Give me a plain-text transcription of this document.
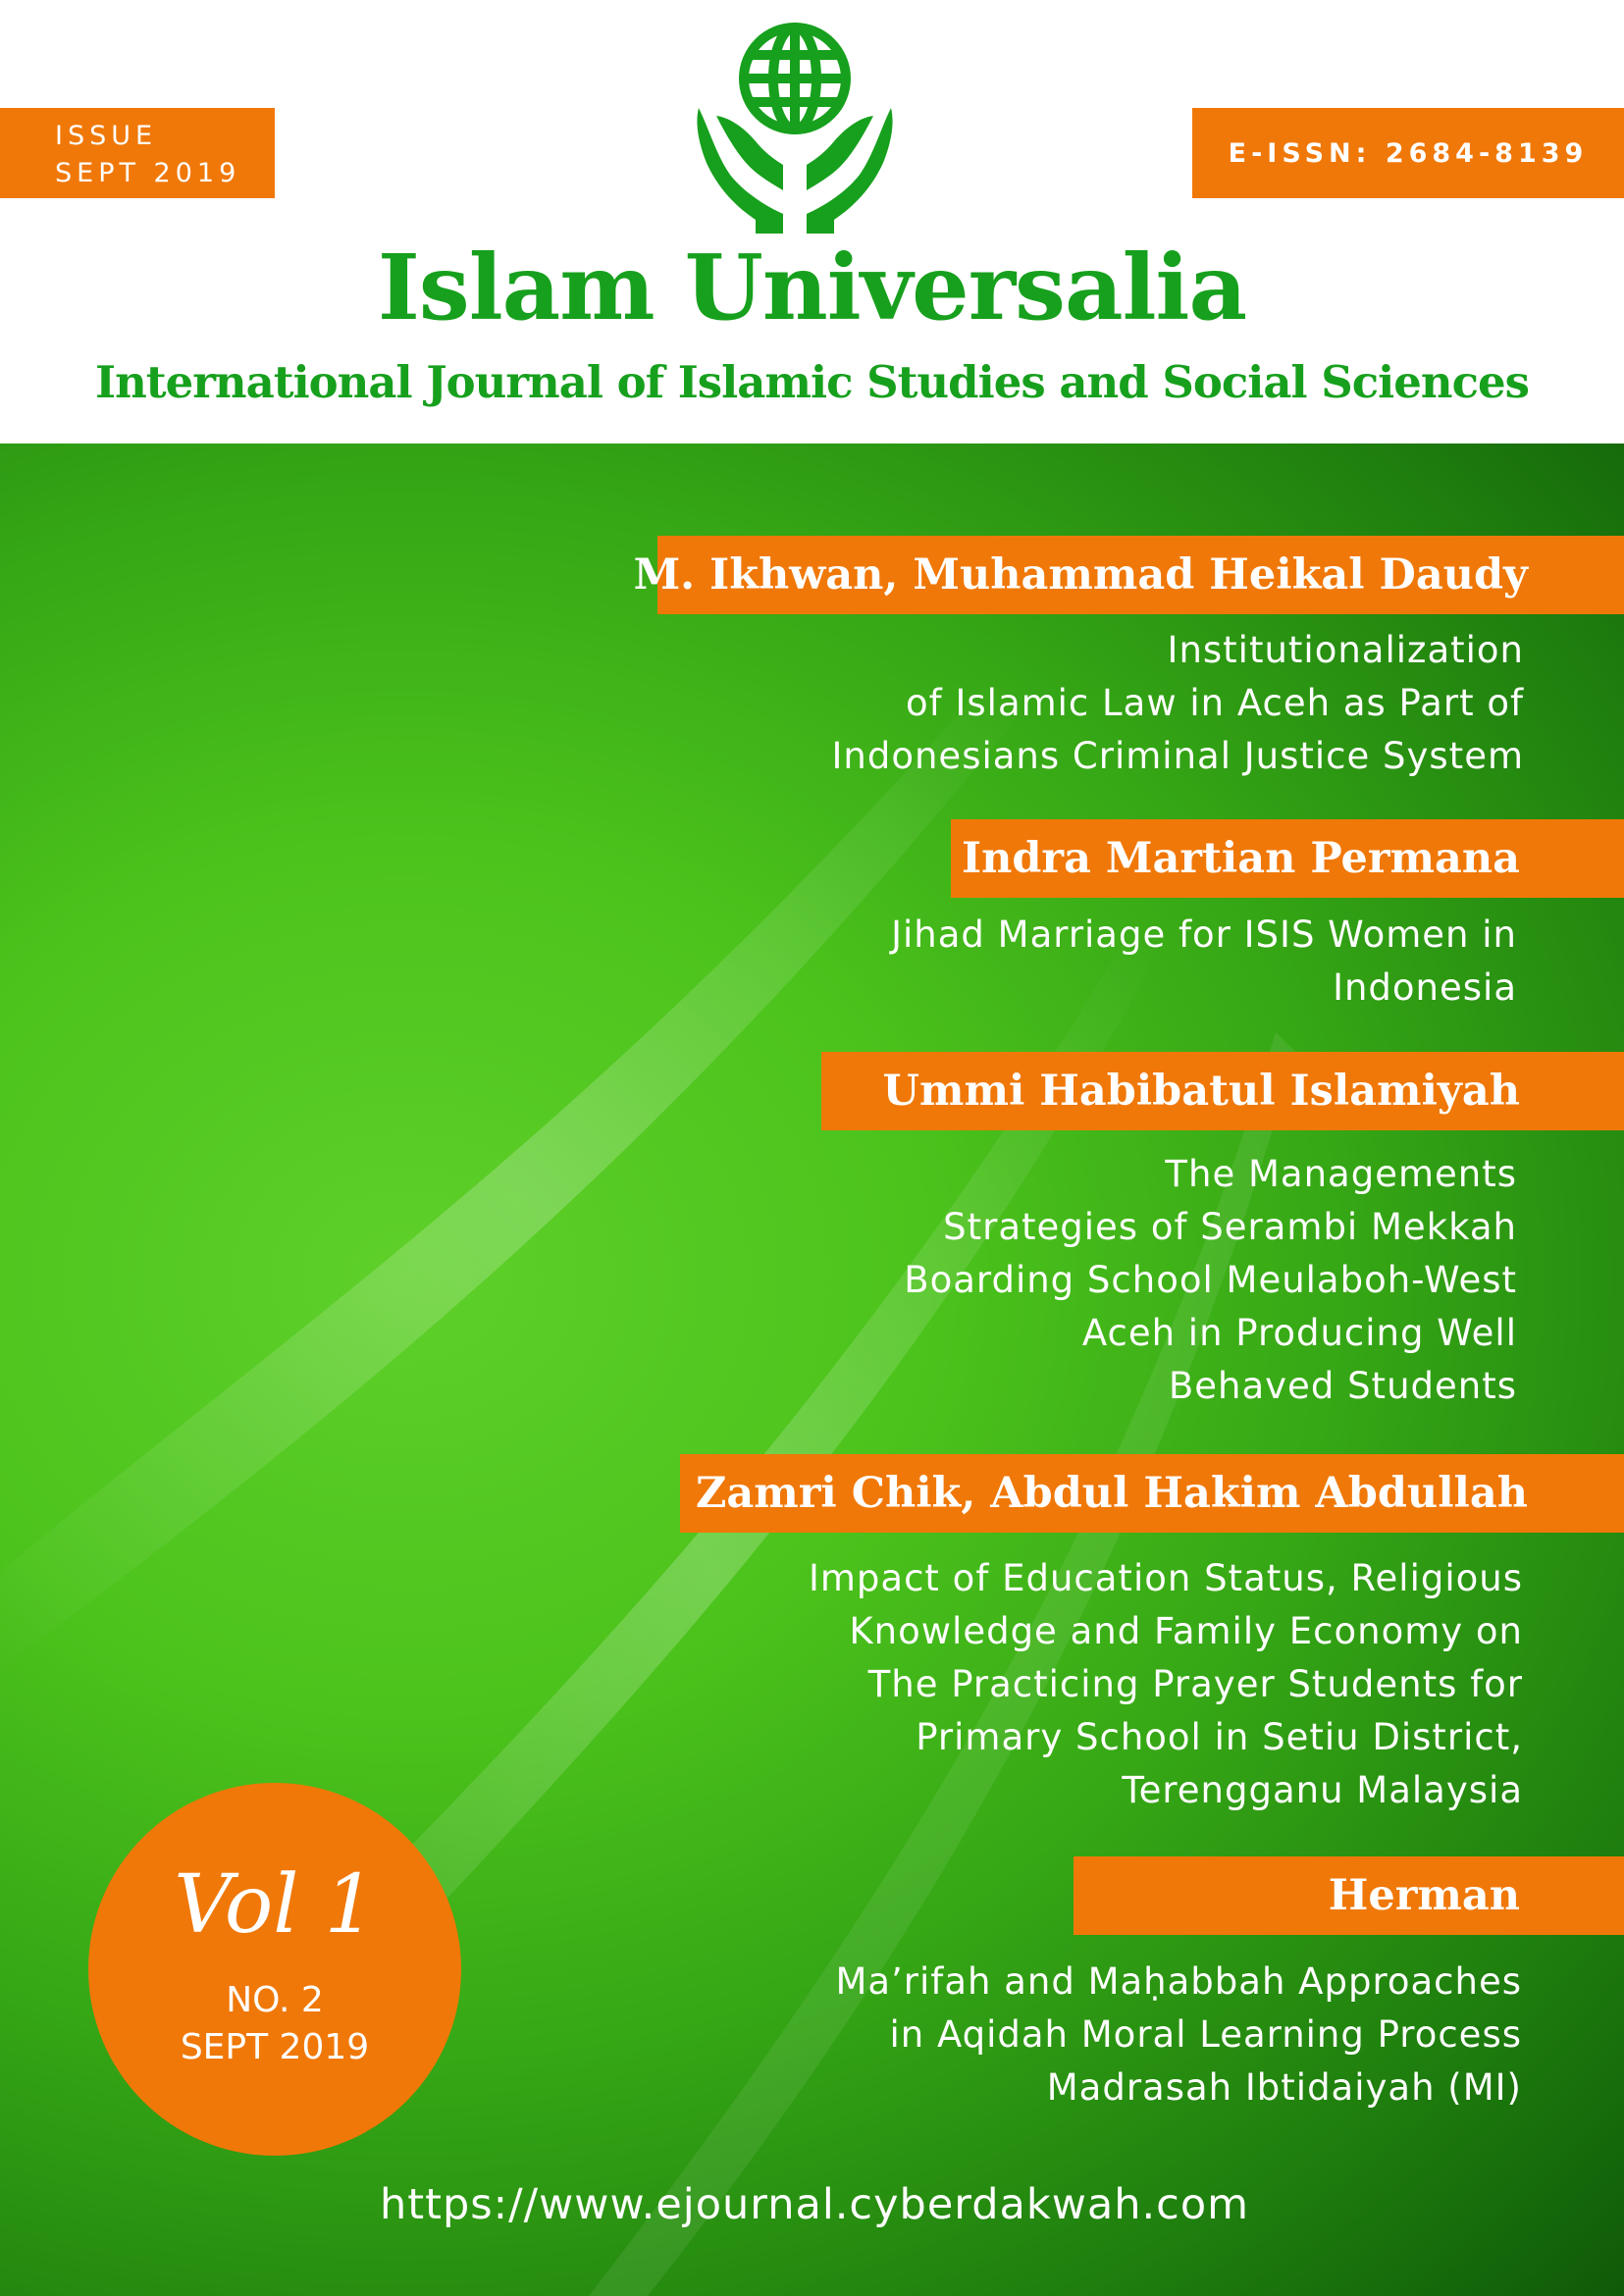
ISSUE
SEPT 2019
E-ISSN: 2684-8139
Islam Universalia
International Journal of Islamic Studies and Social Sciences
M. Ikhwan, Muhammad Heikal Daudy
Institutionalization
of Islamic Law in Aceh as Part of
Indonesians Criminal Justice System
Indra Martian Permana
Jihad Marriage for ISIS Women in
Indonesia
Ummi Habibatul Islamiyah
The Managements
Strategies of Serambi Mekkah
Boarding School Meulaboh-West
Aceh in Producing Well
Behaved Students
Zamri Chik, Abdul Hakim Abdullah
Impact of Education Status, Religious
Knowledge and Family Economy on
The Practicing Prayer Students for
Primary School in Setiu District,
Terengganu Malaysia
Herman
Ma’rifah and Maḥabbah Approaches
in Aqidah Moral Learning Process
Madrasah Ibtidaiyah (MI)
Vol 1
NO. 2
SEPT 2019
https://www.ejournal.cyberdakwah.com
